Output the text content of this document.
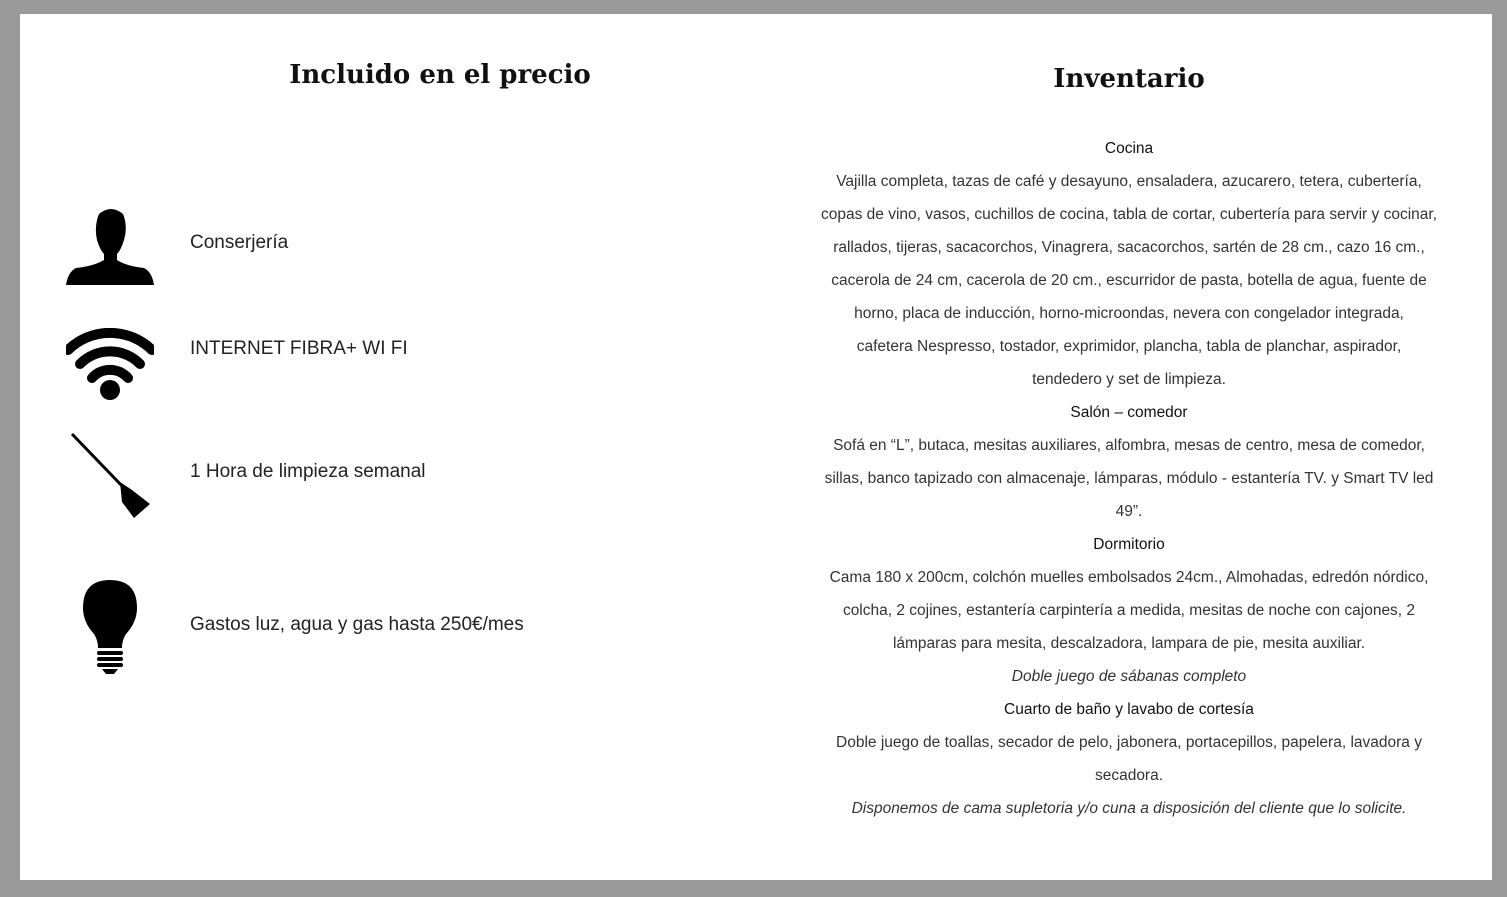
Incluido en el precio
Conserjería
INTERNET FIBRA+ WI FI
1 Hora de limpieza semanal
Gastos luz, agua y gas hasta 250€/mes
Inventario
Cocina
Vajilla completa, tazas de café y desayuno, ensaladera, azucarero, tetera, cubertería,
copas de vino, vasos, cuchillos de cocina, tabla de cortar, cubertería para servir y cocinar,
rallados, tijeras, sacacorchos, Vinagrera, sacacorchos, sartén de 28 cm., cazo 16 cm.,
cacerola de 24 cm, cacerola de 20 cm., escurridor de pasta, botella de agua, fuente de
horno, placa de inducción, horno-microondas, nevera con congelador integrada,
cafetera Nespresso, tostador, exprimidor, plancha, tabla de planchar, aspirador,
tendedero y set de limpieza.
Salón – comedor
Sofá en “L”, butaca, mesitas auxiliares, alfombra, mesas de centro, mesa de comedor,
sillas, banco tapizado con almacenaje, lámparas, módulo - estantería TV. y Smart TV led
49”.
Dormitorio
Cama 180 x 200cm, colchón muelles embolsados 24cm., Almohadas, edredón nórdico,
colcha, 2 cojines, estantería carpintería a medida, mesitas de noche con cajones, 2
lámparas para mesita, descalzadora, lampara de pie, mesita auxiliar.
Doble juego de sábanas completo
Cuarto de baño y lavabo de cortesía
Doble juego de toallas, secador de pelo, jabonera, portacepillos, papelera, lavadora y
secadora.
Disponemos de cama supletoria y/o cuna a disposición del cliente que lo solicite.
